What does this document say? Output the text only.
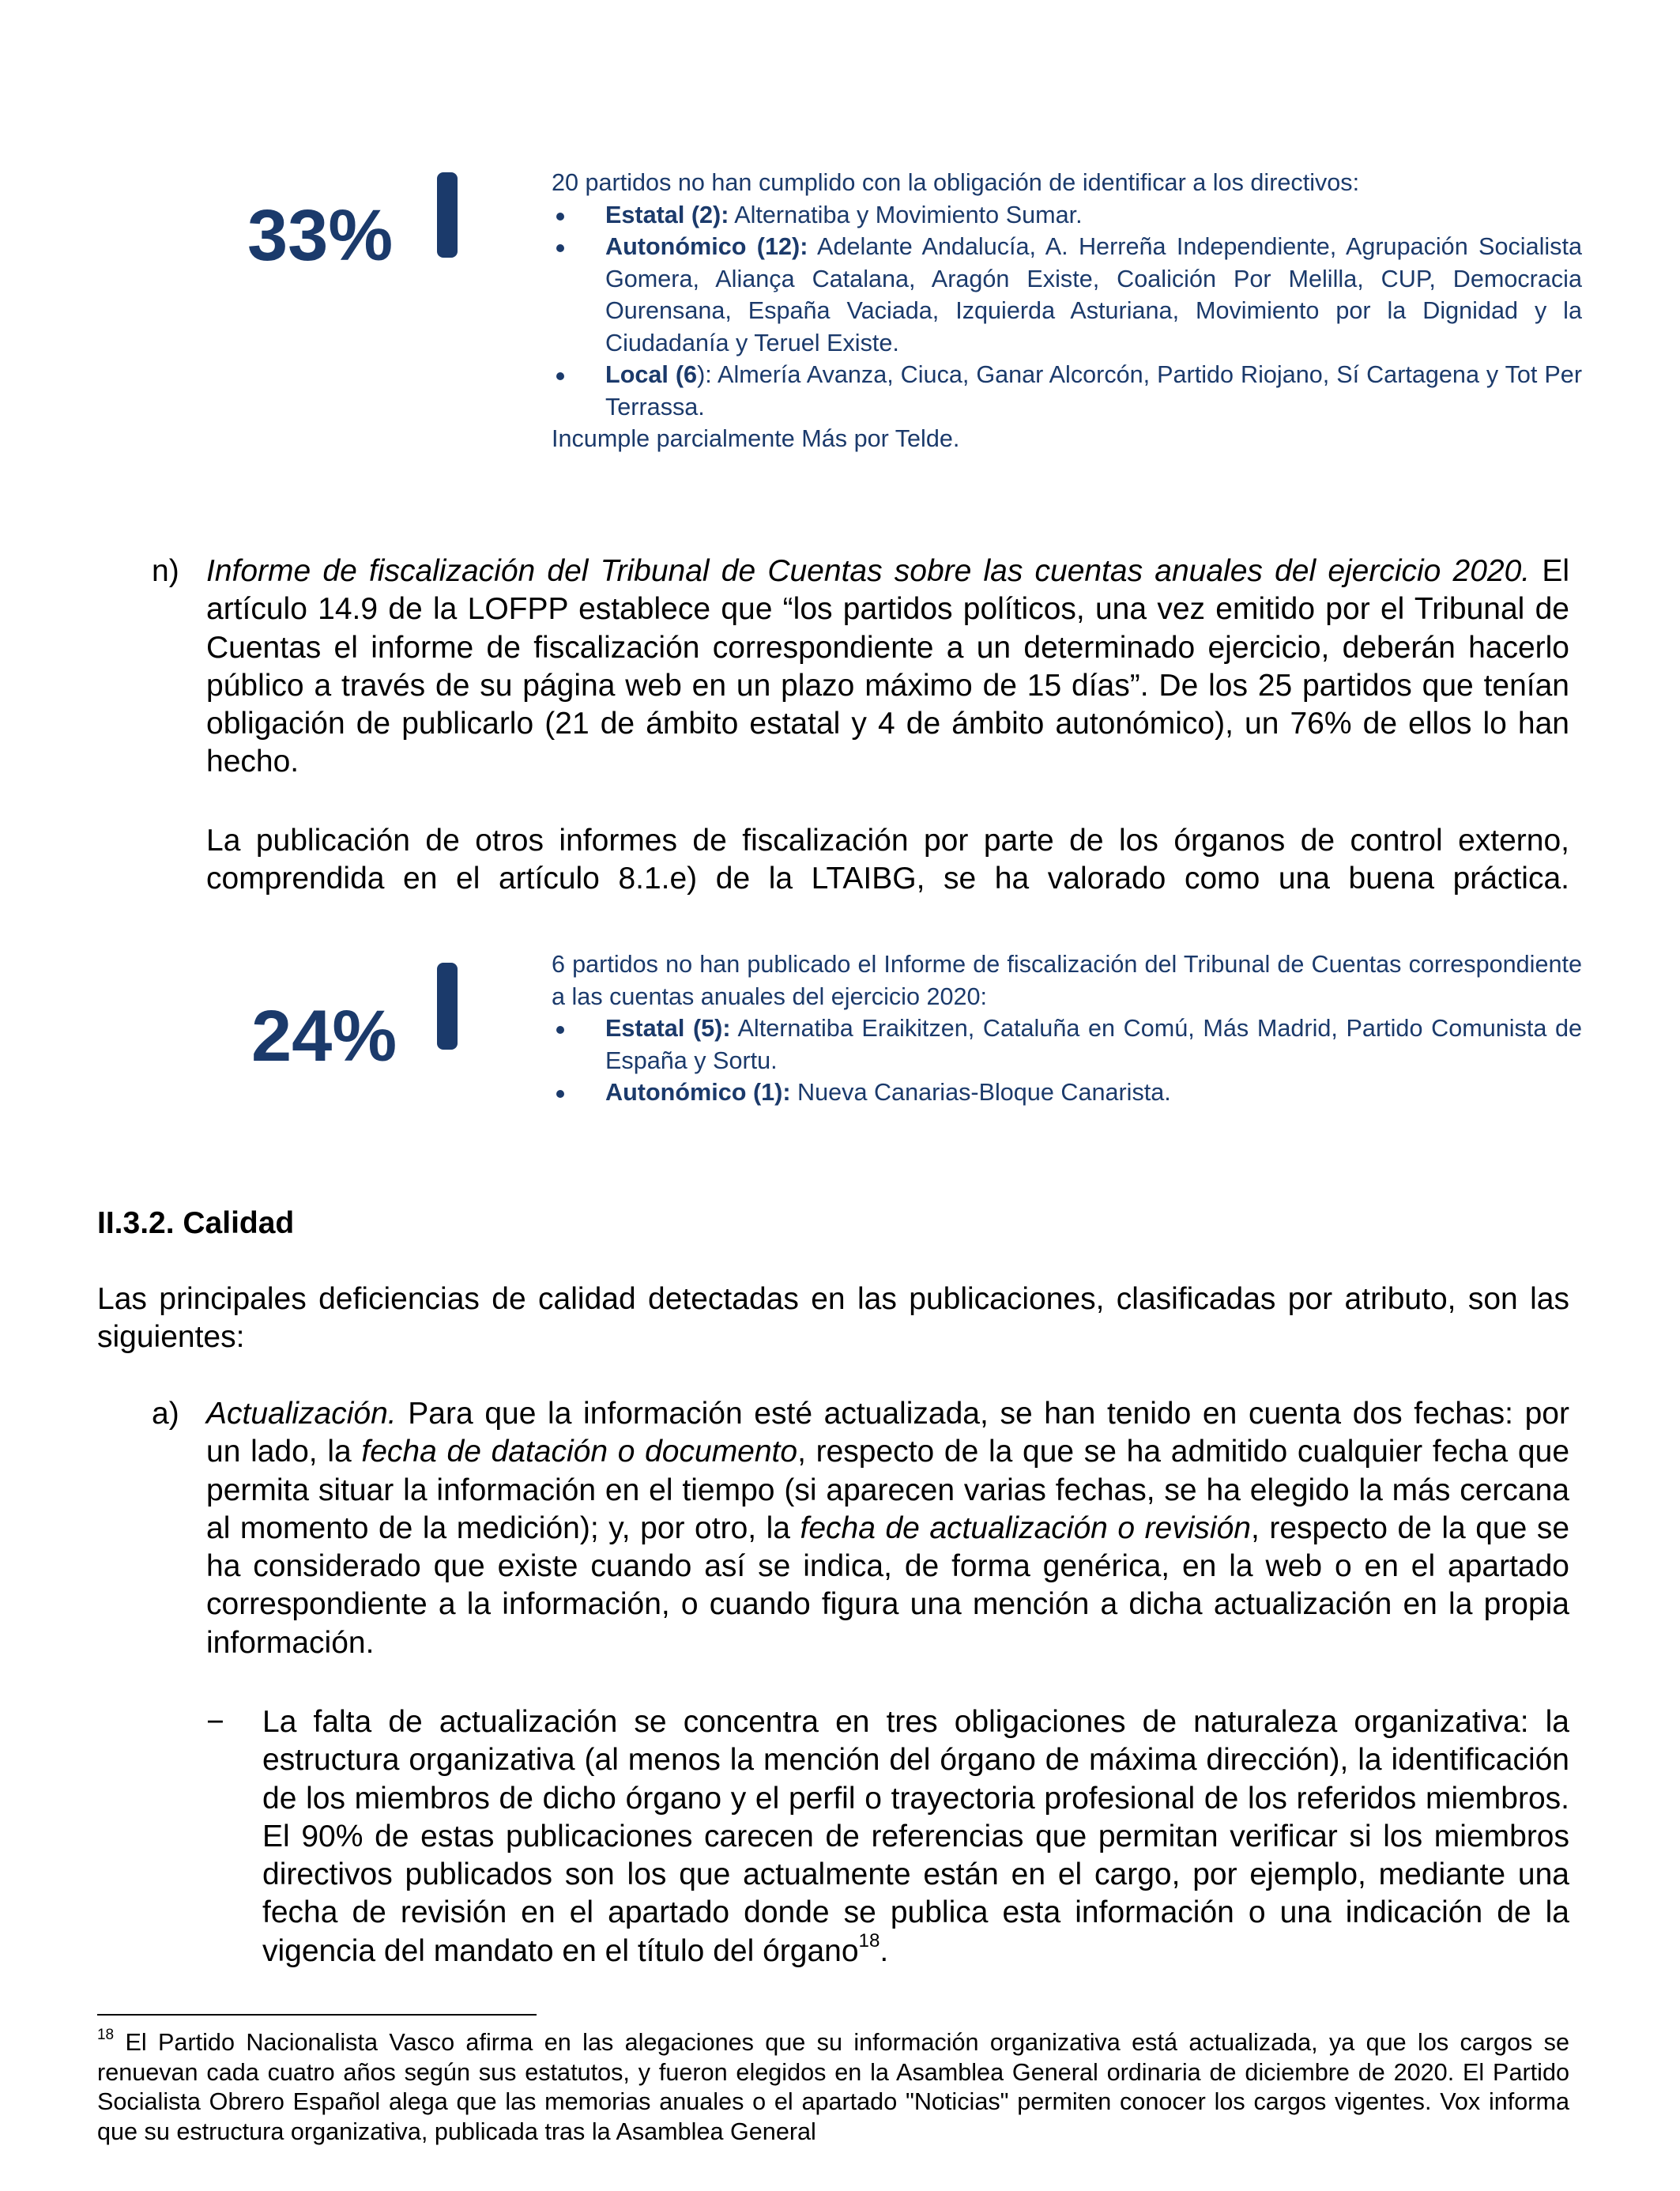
33%

20 partidos no han cumplido con la obligación de identificar a los directivos:

Estatal (2): Alternatiba y Movimiento Sumar.
Autonómico (12): Adelante Andalucía, A. Herreña Independiente, Agrupación Socialista Gomera, Aliança Catalana, Aragón Existe, Coalición Por Melilla, CUP, Democracia Ourensana, España Vaciada, Izquierda Asturiana, Movimiento por la Dignidad y la Ciudadanía y Teruel Existe.
Local (6): Almería Avanza, Ciuca, Ganar Alcorcón, Partido Riojano, Sí Cartagena y Tot Per Terrassa.

Incumple parcialmente Más por Telde.

n) Informe de fiscalización del Tribunal de Cuentas sobre las cuentas anuales del ejercicio 2020. El artículo 14.9 de la LOFPP establece que “los partidos políticos, una vez emitido por el Tribunal de Cuentas el informe de fiscalización correspondiente a un determinado ejercicio, deberán hacerlo público a través de su página web en un plazo máximo de 15 días”. De los 25 partidos que tenían obligación de publicarlo (21 de ámbito estatal y 4 de ámbito autonómico), un 76% de ellos lo han hecho.

La publicación de otros informes de fiscalización por parte de los órganos de control externo, comprendida en el artículo 8.1.e) de la LTAIBG, se ha valorado como una buena práctica.

24%

6 partidos no han publicado el Informe de fiscalización del Tribunal de Cuentas correspondiente a las cuentas anuales del ejercicio 2020:

Estatal (5): Alternatiba Eraikitzen, Cataluña en Comú, Más Madrid, Partido Comunista de España y Sortu.
Autonómico (1): Nueva Canarias-Bloque Canarista.
II.3.2. Calidad

Las principales deficiencias de calidad detectadas en las publicaciones, clasificadas por atributo, son las siguientes:

a) Actualización. Para que la información esté actualizada, se han tenido en cuenta dos fechas: por un lado, la fecha de datación o documento, respecto de la que se ha admitido cualquier fecha que permita situar la información en el tiempo (si aparecen varias fechas, se ha elegido la más cercana al momento de la medición); y, por otro, la fecha de actualización o revisión, respecto de la que se ha considerado que existe cuando así se indica, de forma genérica, en la web o en el apartado correspondiente a la información, o cuando figura una mención a dicha actualización en la propia información.

− La falta de actualización se concentra en tres obligaciones de naturaleza organizativa: la estructura organizativa (al menos la mención del órgano de máxima dirección), la identificación de los miembros de dicho órgano y el perfil o trayectoria profesional de los referidos miembros. El 90% de estas publicaciones carecen de referencias que permitan verificar si los miembros directivos publicados son los que actualmente están en el cargo, por ejemplo, mediante una fecha de revisión en el apartado donde se publica esta información o una indicación de la vigencia del mandato en el título del órgano$^{18}$.

$^{18}$ El Partido Nacionalista Vasco afirma en las alegaciones que su información organizativa está actualizada, ya que los cargos se renuevan cada cuatro años según sus estatutos, y fueron elegidos en la Asamblea General ordinaria de diciembre de 2020. El Partido Socialista Obrero Español alega que las memorias anuales o el apartado "Noticias" permiten conocer los cargos vigentes. Vox informa que su estructura organizativa, publicada tras la Asamblea General
